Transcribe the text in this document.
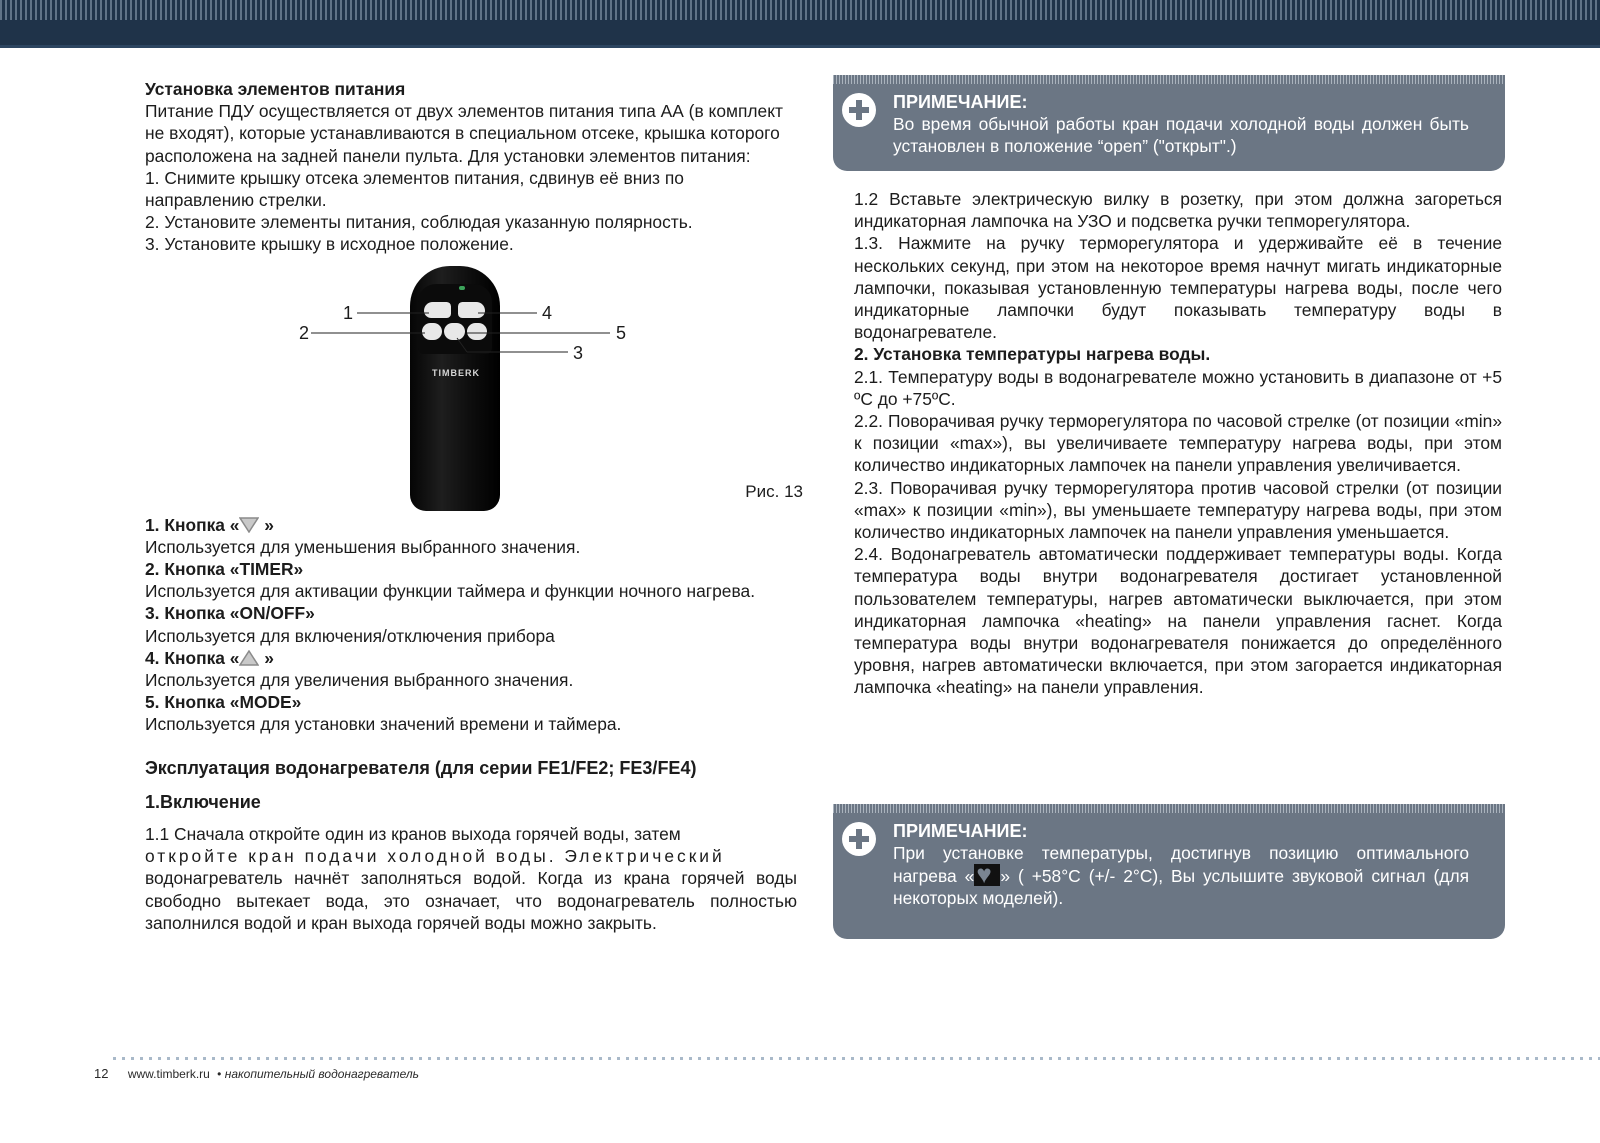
Установка элементов питания

Питание ПДУ осуществляется от двух элементов питания типа АА (в комплект не входят), которые устанавливаются в специальном отсеке, крышка которого расположена на задней панели пульта. Для установки элементов питания:

1. Снимите крышку отсека элементов питания, сдвинув её вниз по направлению стрелки.

2. Установите элементы питания, соблюдая указанную полярность.

3. Установите крышку в исходное положение.

TIMBERK
1
2
3
4
5
Рис. 13

1. Кнопка « »

Используется для уменьшения выбранного значения.

2. Кнопка «TIMER»

Используется для активации функции таймера и функции ночного нагрева.

3. Кнопка «ON/OFF»

Используется для включения/отключения прибора

4. Кнопка « »

Используется для увеличения выбранного значения.

5. Кнопка «MODE»

Используется для установки значений времени и таймера.

Эксплуатация водонагревателя (для серии FE1/FE2; FE3/FE4)

1.Включение

1.1 Сначала откройте один из кранов выхода горячей воды, затем

откройте кран подачи холодной воды. Электрический

водонагреватель начнёт заполняться водой. Когда из крана горячей воды свободно вытекает вода, это означает, что водонагреватель полностью заполнился водой и кран выхода горячей воды можно закрыть.

ПРИМЕЧАНИЕ:
Во время обычной работы кран подачи холодной воды должен быть установлен в положение “open” ("открыт".)

1.2 Вставьте электрическую вилку в розетку, при этом должна загореться индикаторная лампочка на УЗО и подсветка ручки тепморегулятора.

1.3. Нажмите на ручку терморегулятора и удерживайте её в течение нескольких секунд, при этом на некоторое время начнут мигать индикаторные лампочки, показывая установленную температуры нагрева воды, после чего индикаторные лампочки будут показывать температуру воды в водонагревателе.

2. Установка температуры нагрева воды.

2.1. Температуру воды в водонагревателе можно установить в диапазоне от +5 ºС до +75ºС.

2.2. Поворачивая ручку терморегулятора по часовой стрелке (от позиции «min» к позиции «max»), вы увеличиваете температуру нагрева воды, при этом количество индикаторных лампочек на панели управления увеличивается.

2.3. Поворачивая ручку терморегулятора против часовой стрелки (от позиции «max» к позиции «min»), вы уменьшаете температуру нагрева воды, при этом количество индикаторных лампочек на панели управления уменьшается.

2.4. Водонагреватель автоматически поддерживает температуры воды. Когда температура воды внутри водонагревателя достигает установленной пользователем температуры, нагрев автоматически выключается, при этом индикаторная лампочка «heating» на панели управления гаснет. Когда температура воды внутри водонагревателя понижается до определённого уровня, нагрев автоматически включается, при этом загорается индикаторная лампочка «heating» на панели управления.

ПРИМЕЧАНИЕ:
При установке температуры, достигнув позицию оптимального нагрева «♥ » ( +58°С (+/- 2°С), Вы услышите звуковой сигнал (для некоторых моделей).
12 www.timberk.ru • накопительный водонагреватель
